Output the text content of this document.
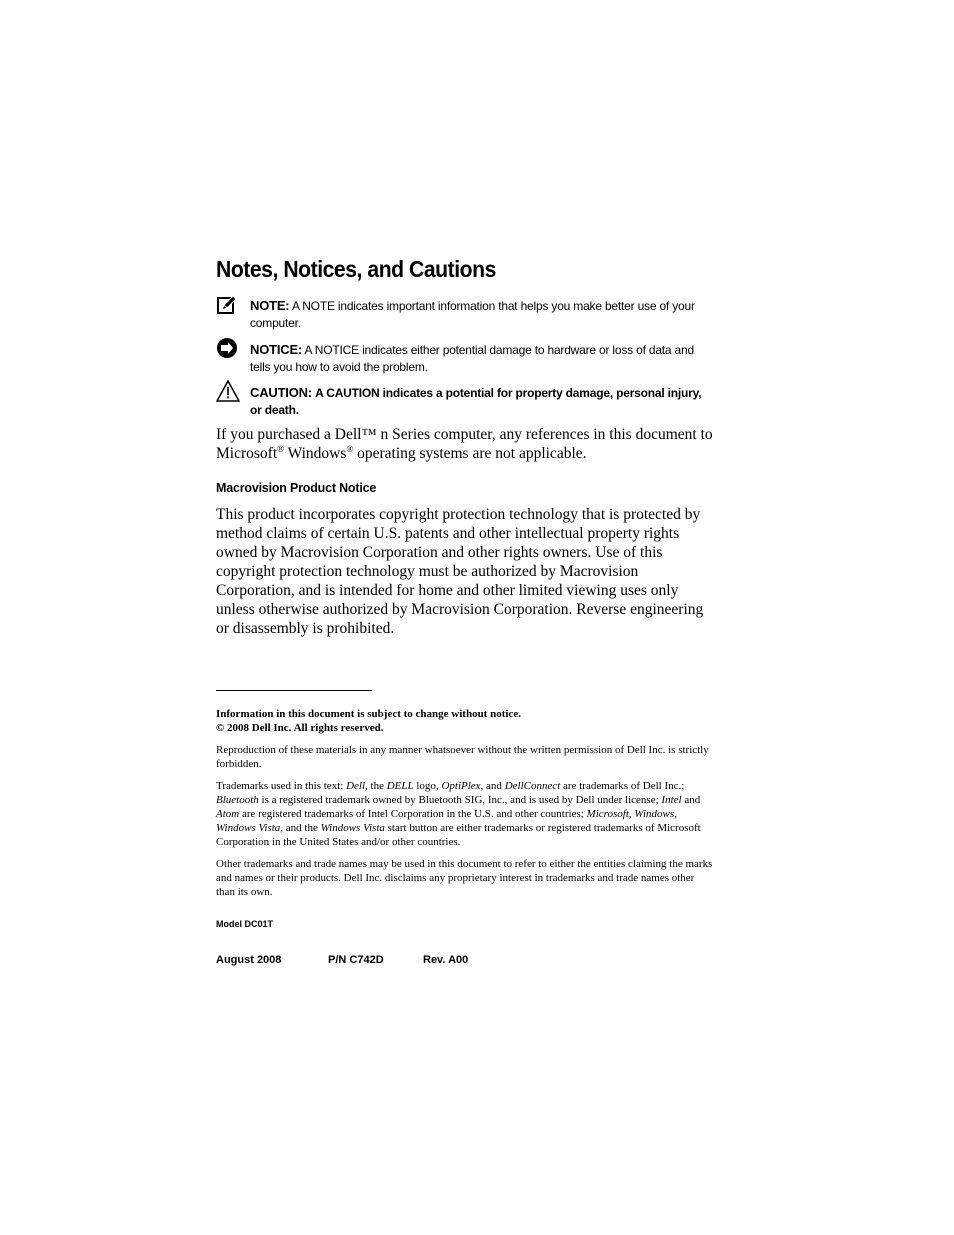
Notes, Notices, and Cautions
NOTE: A NOTE indicates important information that helps you make better use of your computer.
NOTICE: A NOTICE indicates either potential damage to hardware or loss of data and tells you how to avoid the problem.
CAUTION: A CAUTION indicates a potential for property damage, personal injury, or death.

If you purchased a Dell™ n Series computer, any references in this document to Microsoft® Windows® operating systems are not applicable.

Macrovision Product Notice

This product incorporates copyright protection technology that is protected by method claims of certain U.S. patents and other intellectual property rights owned by Macrovision Corporation and other rights owners. Use of this copyright protection technology must be authorized by Macrovision Corporation, and is intended for home and other limited viewing uses only unless otherwise authorized by Macrovision Corporation. Reverse engineering or disassembly is prohibited.

Information in this document is subject to change without notice.
© 2008 Dell Inc. All rights reserved.

Reproduction of these materials in any manner whatsoever without the written permission of Dell Inc. is strictly forbidden.

Trademarks used in this text: Dell, the DELL logo, OptiPlex, and DellConnect are trademarks of Dell Inc.; Bluetooth is a registered trademark owned by Bluetooth SIG, Inc., and is used by Dell under license; Intel and Atom are registered trademarks of Intel Corporation in the U.S. and other countries; Microsoft, Windows, Windows Vista, and the Windows Vista start button are either trademarks or registered trademarks of Microsoft Corporation in the United States and/or other countries.

Other trademarks and trade names may be used in this document to refer to either the entities claiming the marks and names or their products. Dell Inc. disclaims any proprietary interest in trademarks and trade names other than its own.

Model DC01T
August 2008	P/N C742D	Rev. A00
